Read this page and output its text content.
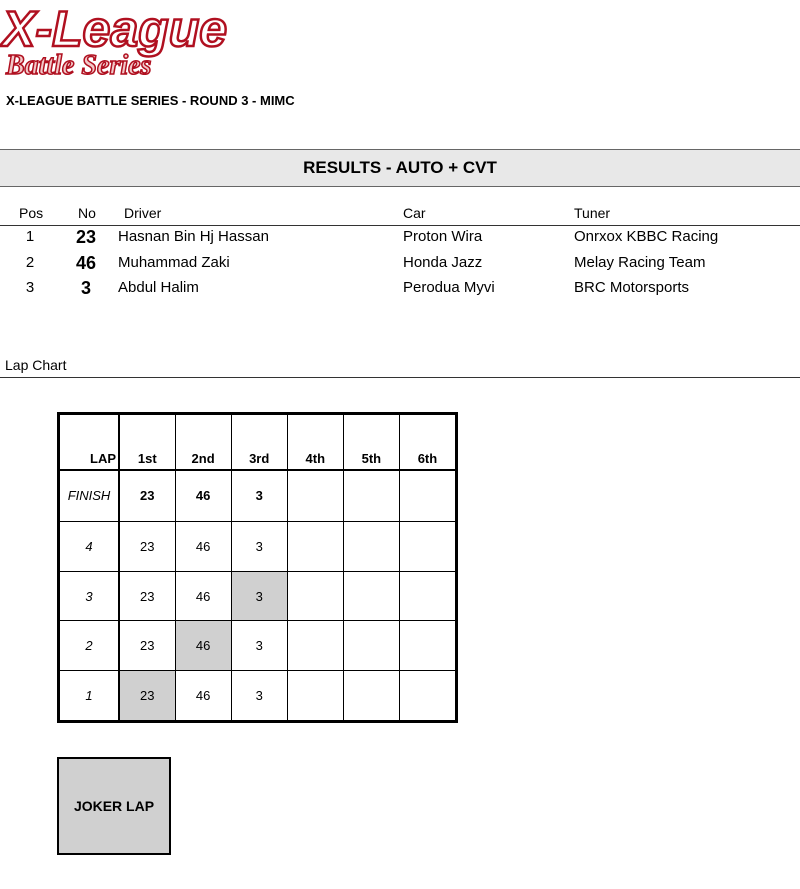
X-League
Battle Series
X-LEAGUE BATTLE SERIES - ROUND 3 - MIMC
RESULTS - AUTO + CVT
Pos No Driver	Car	Tuner
1	23	Hasnan Bin Hj Hassan	Proton Wira	Onrxox KBBC Racing
2	46	Muhammad Zaki	Honda Jazz	Melay Racing Team
3	3	Abdul Halim	Perodua Myvi	BRC Motorsports
Lap Chart
LAP	1st	2nd	3rd	4th	5th	6th
FINISH	23	46	3			
4	23	46	3			
3	23	46	3			
2	23	46	3			
1	23	46	3			
JOKER LAP
